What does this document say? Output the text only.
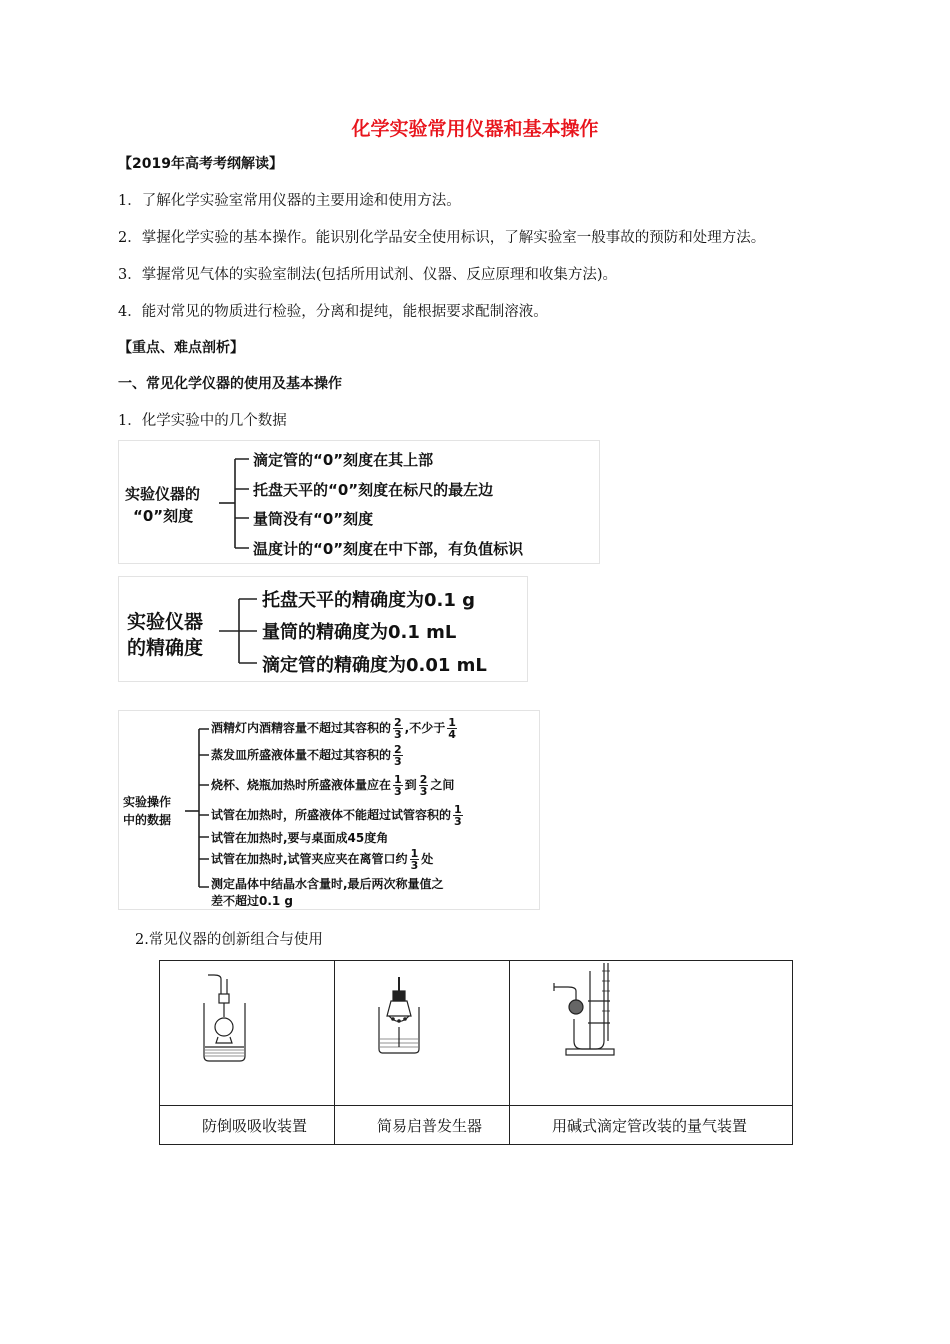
化学实验常用仪器和基本操作
【2019年高考考纲解读】
1．了解化学实验室常用仪器的主要用途和使用方法。
2．掌握化学实验的基本操作。能识别化学品安全使用标识，了解实验室一般事故的预防和处理方法。
3．掌握常见气体的实验室制法(包括所用试剂、仪器、反应原理和收集方法)。
4．能对常见的物质进行检验，分离和提纯，能根据要求配制溶液。
【重点、难点剖析】
一、常见化学仪器的使用及基本操作
1．化学实验中的几个数据
实验仪器的
“0”刻度
滴定管的“0”刻度在其上部
托盘天平的“0”刻度在标尺的最左边
量筒没有“0”刻度
温度计的“0”刻度在中下部，有负值标识
实验仪器
的精确度
托盘天平的精确度为0.1 g
量筒的精确度为0.1 mL
滴定管的精确度为0.01 mL
实验操作
中的数据
酒精灯内酒精容量不超过其容积的 $\frac{2}{3}$ ,不少于 $\frac{1}{4}$
蒸发皿所盛液体量不超过其容积的 $\frac{2}{3}$
烧杯、烧瓶加热时所盛液体量应在 $\frac{1}{3}$ 到 $\frac{2}{3}$ 之间
试管在加热时，所盛液体不能超过试管容积的 $\frac{1}{3}$
试管在加热时,要与桌面成45度角
试管在加热时,试管夹应夹在离管口约 $\frac{1}{3}$ 处
测定晶体中结晶水含量时,最后两次称量值之
差不超过0.1 g
2.常见仪器的创新组合与使用

防倒吸吸收装置	简易启普发生器	用碱式滴定管改装的量气装置
